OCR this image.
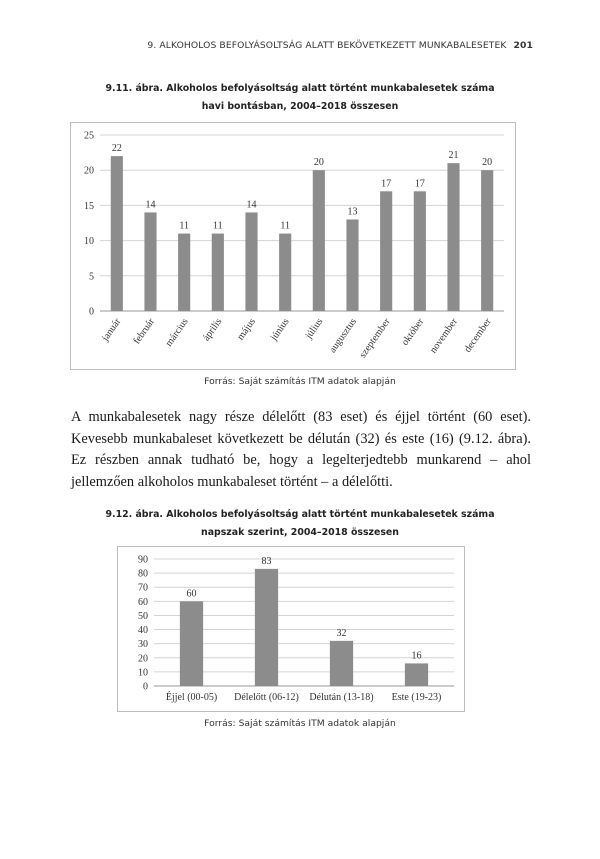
9. ALKOHOLOS BEFOLYÁSOLTSÁG ALATT BEKÖVETKEZETT MUNKABALESETEK 201
9.11. ábra. Alkoholos befolyásoltság alatt történt munkabalesetek száma
havi bontásban, 2004–2018 összesen
0
5
10
15
20
25
22
január
14
február
11
március
11
április
14
május
11
június
20
július
13
augusztus
17
szeptember
17
október
21
november
20
december
Forrás: Saját számítás ITM adatok alapján
A munkabalesetek nagy része délelőtt (83 eset) és éjjel történt (60 eset). Kevesebb munkabaleset következett be délután (32) és este (16) (9.12. ábra). Ez részben annak tudható be, hogy a legelterjedtebb munkarend – ahol jellemzően alkoholos munkabaleset történt – a délelőtti.
9.12. ábra. Alkoholos befolyásoltság alatt történt munkabalesetek száma
napszak szerint, 2004–2018 összesen
0
10
20
30
40
50
60
70
80
90
60
Éjjel (00-05)
83
Délelőtt (06-12)
32
Délután (13-18)
16
Este (19-23)
Forrás: Saját számítás ITM adatok alapján
